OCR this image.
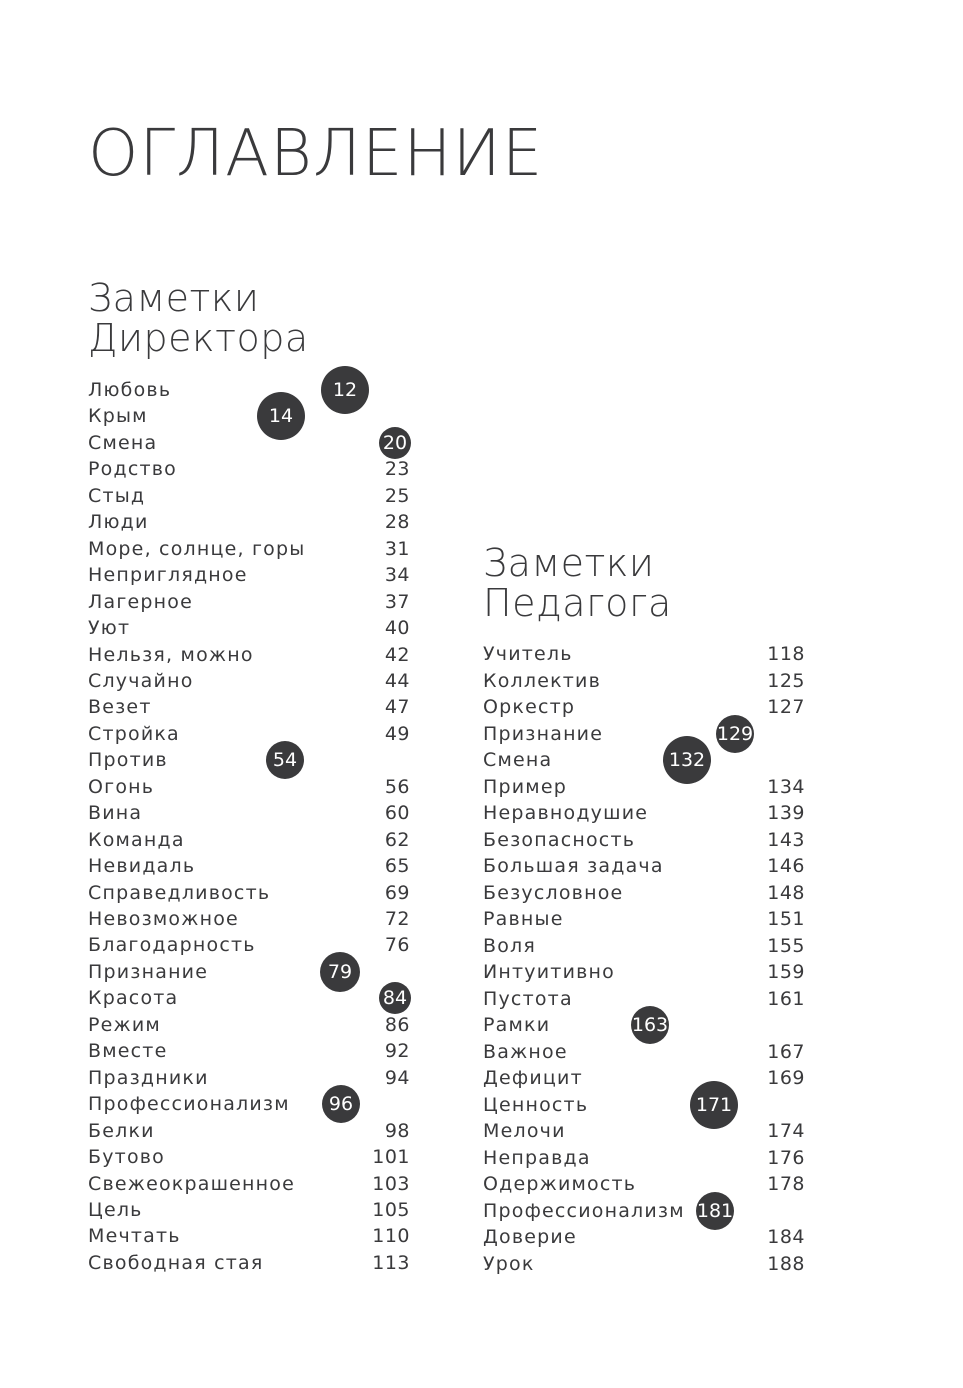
ОГЛАВЛЕНИЕ
Заметки
Директора
Любовь	12
Крым	14
Смена	20
Родство	23
Стыд	25
Люди	28
Море, солнце, горы	31
Неприглядное	34
Лагерное	37
Уют	40
Нельзя, можно	42
Случайно	44
Везет	47
Стройка	49
Против	54
Огонь	56
Вина	60
Команда	62
Невидаль	65
Справедливость	69
Невозможное	72
Благодарность	76
Признание	79
Красота	84
Режим	86
Вместе	92
Праздники	94
Профессионализм	96
Белки	98
Бутово	101
Свежеокрашенное	103
Цель	105
Мечтать	110
Свободная стая	113
Заметки
Педагога
Учитель	118
Коллектив	125
Оркестр	127
Признание	129
Смена	132
Пример	134
Неравнодушие	139
Безопасность	143
Большая задача	146
Безусловное	148
Равные	151
Воля	155
Интуитивно	159
Пустота	161
Рамки	163
Важное	167
Дефицит	169
Ценность	171
Мелочи	174
Неправда	176
Одержимость	178
Профессионализм 181
Доверие	184
Урок	188
